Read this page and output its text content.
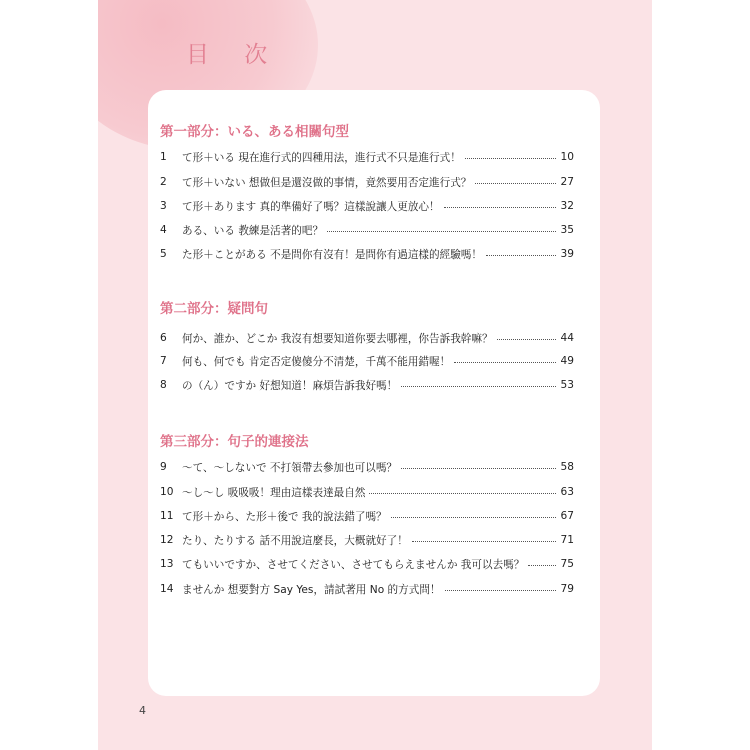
目 次
第一部分：いる、ある相關句型
1	て形＋いる 現在進行式的四種用法，進行式不只是進行式！	10
2	て形＋いない 想做但是還沒做的事情，竟然要用否定進行式？	27
3	て形＋あります 真的準備好了嗎？這樣說讓人更放心！	32
4	ある、いる 教練是活著的吧？	35
5	た形＋ことがある 不是問你有沒有！是問你有過這樣的經驗嗎！	39
第二部分：疑問句
6	何か、誰か、どこか 我沒有想要知道你要去哪裡，你告訴我幹嘛？	44
7	何も、何でも 肯定否定傻傻分不清楚，千萬不能用錯喔！	49
8	の（ん）ですか 好想知道！麻煩告訴我好嗎！	53
第三部分：句子的連接法
9	〜て、〜しないで 不打領帶去參加也可以嗎？	58
10 〜し〜し 吸吸吸！理由這樣表達最自然	63
11 て形＋から、た形＋後で 我的說法錯了嗎？	67
12 たり、たりする 話不用說這麼長，大概就好了！	71
13 てもいいですか、させてください、させてもらえませんか 我可以去嗎？	75
14 ませんか 想要對方 Say Yes，請試著用 No 的方式問！	79
4
